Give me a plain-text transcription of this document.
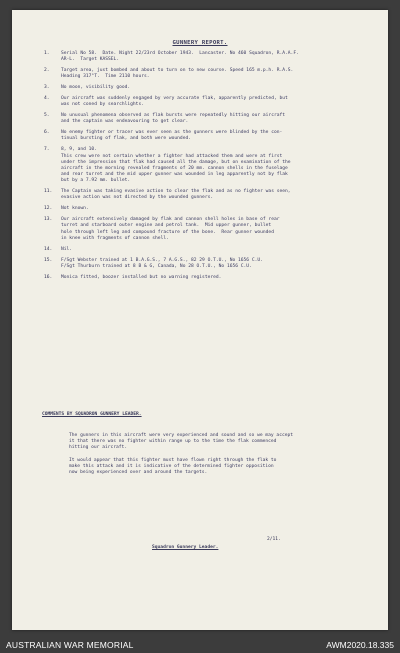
GUNNERY REPORT.
1.	Serial No 58.  Date. Night 22/23rd October 1943.  Lancaster. No 460 Squadron, R.A.A.F.
AR-L.  Target KASSEL.
2.	Target area, just bombed and about to turn on to new course. Speed 165 m.p.h. R.A.S.
Heading 317°T.  Time 2110 hours.
3.	No moon, visibility good.
4.	Our aircraft was suddenly engaged by very accurate flak, apparently predicted, but
was not coned by searchlights.
5.	No unusual phenomena observed as flak bursts were repeatedly hitting our aircraft
and the captain was endeavouring to get clear.
6.	No enemy fighter or tracer was ever seen as the gunners were blinded by the con-
tinual bursting of flak, and both were wounded.
7.	8, 9, and 10.
This crew were not certain whether a fighter had attacked them and were at first
under the impression that flak had caused all the damage, but on examination of the
aircraft in the morning revealed fragments of 20 mm. cannon shells in the fuselage
and rear turret and the mid upper gunner was wounded in leg apparently not by flak
but by a 7.92 mm. bullet.
11.	The Captain was taking evasive action to clear the flak and as no fighter was seen,
evasive action was not directed by the wounded gunners.
12.	Not known.
13.	Our aircraft extensively damaged by flak and cannon shell holes in base of rear
turret and starboard outer engine and petrol tank.  Mid upper gunner, bullet
hole through left leg and compound fracture of the bone.  Rear gunner wounded
in knee with fragments of cannon shell.
14.	Nil.
15.	F/Sgt Webster trained at 1 B.A.G.S., 7 A.G.S., 82 29 O.T.U., No 1656 C.U.
F/Sgt Thurburn trained at 8 B & G, Canada, No 28 O.T.U., No 1656 C.U.
16.	Monica fitted, boozer installed but no warning registered.
COMMENTS BY SQUADRON GUNNERY LEADER.
The gunners in this aircraft were very experienced and sound and so we may accept
it that there was no fighter within range up to the time the flak commenced
hitting our aircraft.
It would appear that this fighter must have flown right through the flak to
make this attack and it is indicative of the determined fighter opposition
now being experienced over and around the targets.
2/11.
Squadron Gunnery Leader.
AUSTRALIAN WAR MEMORIAL	AWM2020.18.335
